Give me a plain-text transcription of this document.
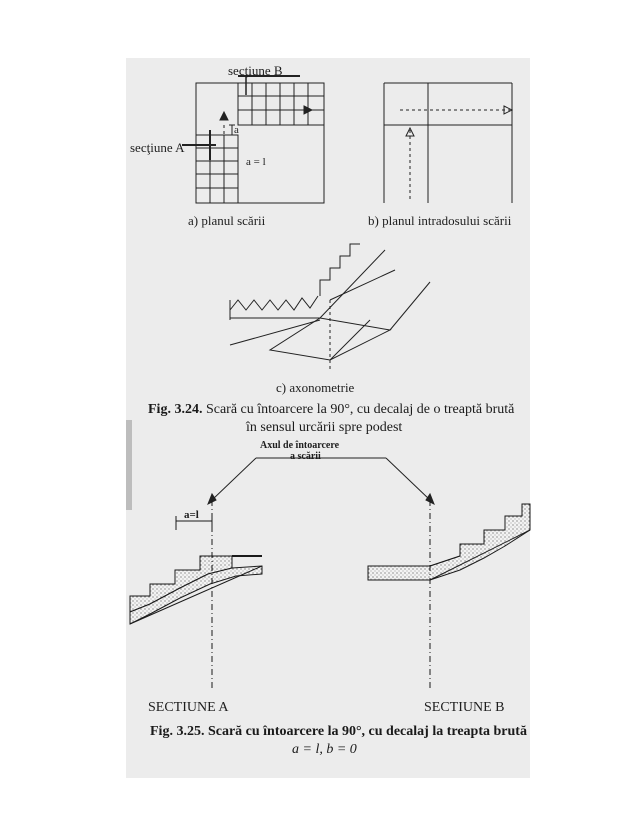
secţiune B
secţiune A
a
a = l
a) planul scării	b) planul intradosului scării
c) axonometrie
Fig. 3.24. Scară cu întoarcere la 90°, cu decalaj de o treaptă brută
în sensul urcării spre podest
Axul de întoarcere
a scării
a=l
SECTIUNE A	SECTIUNE B
Fig. 3.25. Scară cu întoarcere la 90°, cu decalaj la treapta brută
a = l, b = 0
